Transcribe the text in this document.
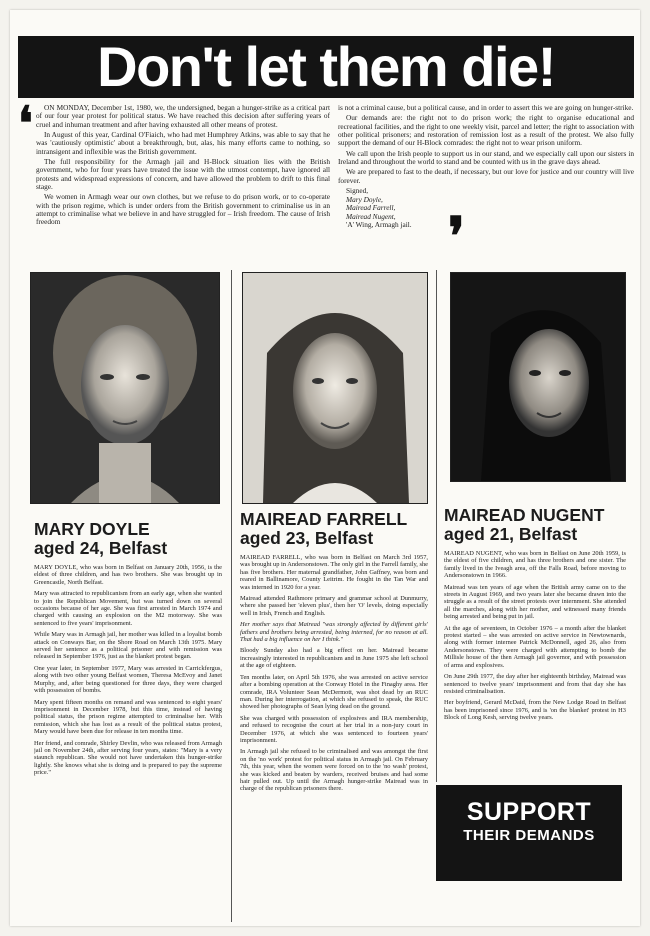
Don't let them die!
❛	ON MONDAY, December 1st, 1980, we, the undersigned, began a hunger-strike as a critical part of our four year protest for political status. We have reached this decision after suffering years of cruel and inhuman treatment and after having exhausted all other means of protest.

In August of this year, Cardinal O'Fiaich, who had met Humphrey Atkins, was able to say that he was 'cautiously optimistic' about a breakthrough, but, alas, his many efforts came to nothing, so intransigent and inflexible was the British government.

The full responsibility for the Armagh jail and H-Block situation lies with the British government, who for four years have treated the issue with the utmost contempt, have ignored all protests and widespread expressions of concern, and have allowed the problem to drift to this final stage.

We women in Armagh wear our own clothes, but we refuse to do prison work, or to co-operate with the prison regime, which is under orders from the British government to criminalise us in an attempt to criminalise what we believe in and have struggled for – Irish freedom. The cause of Irish freedom

is not a criminal cause, but a political cause, and in order to assert this we are going on hunger-strike.

Our demands are: the right not to do prison work; the right to organise educational and recreational facilities, and the right to one weekly visit, parcel and letter; the right to association with other political prisoners; and restoration of remission lost as a result of the protest. We also fully support the demand of our H-Block comrades: the right not to wear prison uniform.

We call upon the Irish people to support us in our stand, and we especially call upon our sisters in Ireland and throughout the world to stand and be counted with us in the grave days ahead.

We are prepared to fast to the death, if necessary, but our love for justice and our country will live forever.

Signed,
Mary Doyle,
Mairead Farrell,
Mairead Nugent,
'A' Wing, Armagh jail. ❜
MARY DOYLE
aged 24, Belfast

MARY DOYLE, who was born in Belfast on January 20th, 1956, is the eldest of three children, and has two brothers. She was brought up in Greencastle, North Belfast.

Mary was attracted to republicanism from an early age, when she wanted to join the Republican Movement, but was turned down on several occasions because of her age. She was first arrested in March 1974 and charged with causing an explosion on the M2 motorway. She was sentenced to five years' imprisonment.

While Mary was in Armagh jail, her mother was killed in a loyalist bomb attack on Conways Bar, on the Shore Road on March 13th 1975. Mary served her sentence as a political prisoner and with remission was released in September 1976, just as the blanket protest began.

One year later, in September 1977, Mary was arrested in Carrickfergus, along with two other young Belfast women, Theresa McEvoy and Janet Murphy, and, after being questioned for three days, they were charged with possession of bombs.

Mary spent fifteen months on remand and was sentenced to eight years' imprisonment in December 1978, but this time, instead of having political status, the prison regime attempted to criminalise her. With remission, which she has lost as a result of the political status protest, Mary would have been due for release in ten months time.

Her friend, and comrade, Shirley Devlin, who was released from Armagh jail on November 24th, after serving four years, states: "Mary is a very staunch republican. She would not have undertaken this hunger-strike lightly. She knows what she is doing and is prepared to pay the supreme price."

MAIREAD FARRELL
aged 23, Belfast

MAIREAD FARRELL, who was born in Belfast on March 3rd 1957, was brought up in Andersonstown. The only girl in the Farrell family, she has five brothers. Her maternal grandfather, John Gaffney, was born and reared in Ballinamore, County Leitrim. He fought in the Tan War and was interned in 1920 for a year.

Mairead attended Rathmore primary and grammar school at Dunmurry, where she passed her 'eleven plus', then her 'O' levels, doing especially well in Irish, French and English.

Her mother says that Mairead "was strongly affected by different girls' fathers and brothers being arrested, being interned, for no reason at all. That had a big influence on her I think."

Bloody Sunday also had a big effect on her. Mairead became increasingly interested in republicanism and in June 1975 she left school at the age of eighteen.

Ten months later, on April 5th 1976, she was arrested on active service after a bombing operation at the Conway Hotel in the Finaghy area. Her comrade, IRA Volunteer Sean McDermott, was shot dead by an RUC man. During her interrogation, at which she refused to speak, the RUC showed her photographs of Sean lying dead on the ground.

She was charged with possession of explosives and IRA membership, and refused to recognise the court at her trial in a non-jury court in December 1976, at which she was sentenced to fourteen years' imprisonment.

In Armagh jail she refused to be criminalised and was amongst the first on the 'no work' protest for political status in Armagh jail. On February 7th, this year, when the women were forced on to the 'no wash' protest, she was kicked and beaten by warders, received bruises and had some hair pulled out. Up until the Armagh hunger-strike Mairead was in charge of the republican prisoners there.

MAIREAD NUGENT
aged 21, Belfast

MAIREAD NUGENT, who was born in Belfast on June 20th 1959, is the eldest of five children, and has three brothers and one sister. The family lived in the Iveagh area, off the Falls Road, before moving to Andersonstown in 1966.

Mairead was ten years of age when the British army came on to the streets in August 1969, and two years later she became drawn into the struggle as a result of the street protests over internment. She attended all the marches, along with her mother, and witnessed many friends being arrested and being put in jail.

At the age of seventeen, in October 1976 – a month after the blanket protest started – she was arrested on active service in Newtownards, along with former internee Patrick McDonnell, aged 26, also from Andersonstown. They were charged with attempting to bomb the Millisle house of the then Armagh jail governor, and with possession of arms and explosives.

On June 29th 1977, the day after her eighteenth birthday, Mairead was sentenced to twelve years' imprisonment and from that day she has resisted criminalisation.

Her boyfriend, Gerard McDaid, from the New Lodge Road in Belfast has been imprisoned since 1976, and is 'on the blanket' protest in H3 Block of Long Kesh, serving twelve years.

SUPPORT
THEIR DEMANDS
